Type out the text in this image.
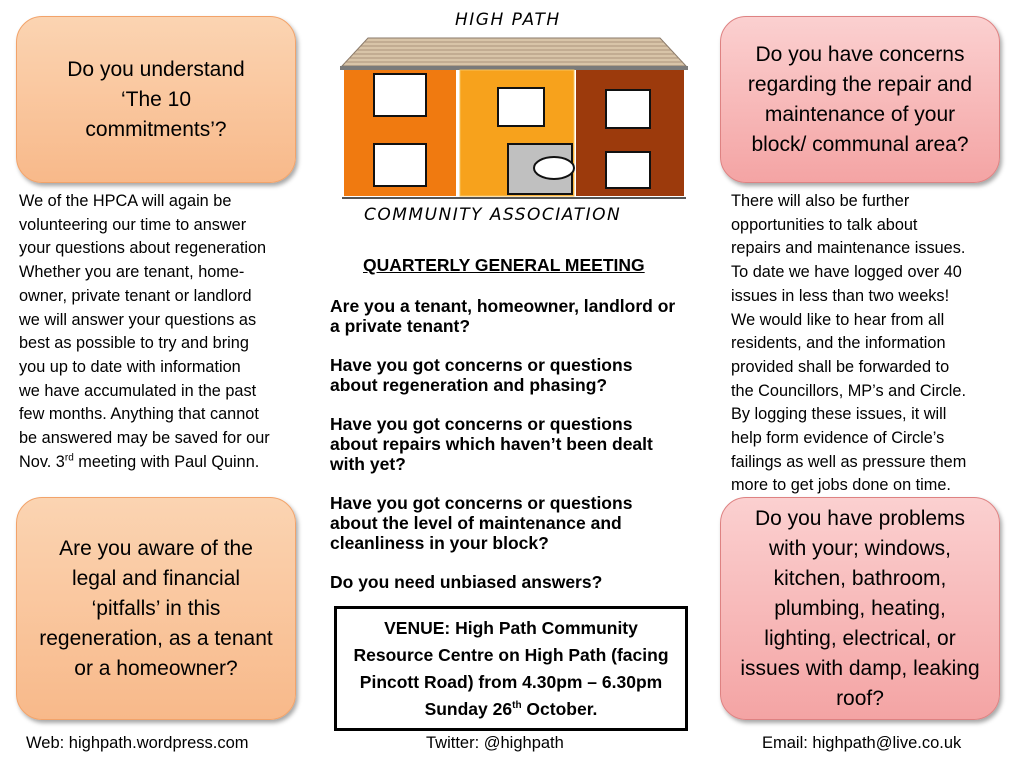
Do you understand ‘The 10 commitments’?
We of the HPCA will again be
volunteering our time to answer
your questions about regeneration
Whether you are tenant, home-
owner, private tenant or landlord
we will answer your questions as
best as possible to try and bring
you up to date with information
we have accumulated in the past
few months. Anything that cannot
be answered may be saved for our
Nov. 3rd meeting with Paul Quinn.
Are you aware of the legal and financial ‘pitfalls’ in this regeneration, as a tenant or a homeowner?
HIGH PATH
COMMUNITY ASSOCIATION
QUARTERLY GENERAL MEETING

Are you a tenant, homeowner, landlord or a private tenant?

Have you got concerns or questions about regeneration and phasing?

Have you got concerns or questions about repairs which haven’t been dealt with yet?

Have you got concerns or questions about the level of maintenance and cleanliness in your block?

Do you need unbiased answers?

VENUE: High Path Community Resource Centre on High Path (facing Pincott Road) from 4.30pm – 6.30pm Sunday 26th October.
Do you have concerns regarding the repair and maintenance of your block/ communal area?
There will also be further
opportunities to talk about
repairs and maintenance issues.
To date we have logged over 40
issues in less than two weeks!
We would like to hear from all
residents, and the information
provided shall be forwarded to
the Councillors, MP’s and Circle.
By logging these issues, it will
help form evidence of Circle’s
failings as well as pressure them
more to get jobs done on time.
Do you have problems with your; windows, kitchen, bathroom, plumbing, heating, lighting, electrical, or issues with damp, leaking roof?
Web: highpath.wordpress.com	Twitter: @highpath	Email: highpath@live.co.uk
